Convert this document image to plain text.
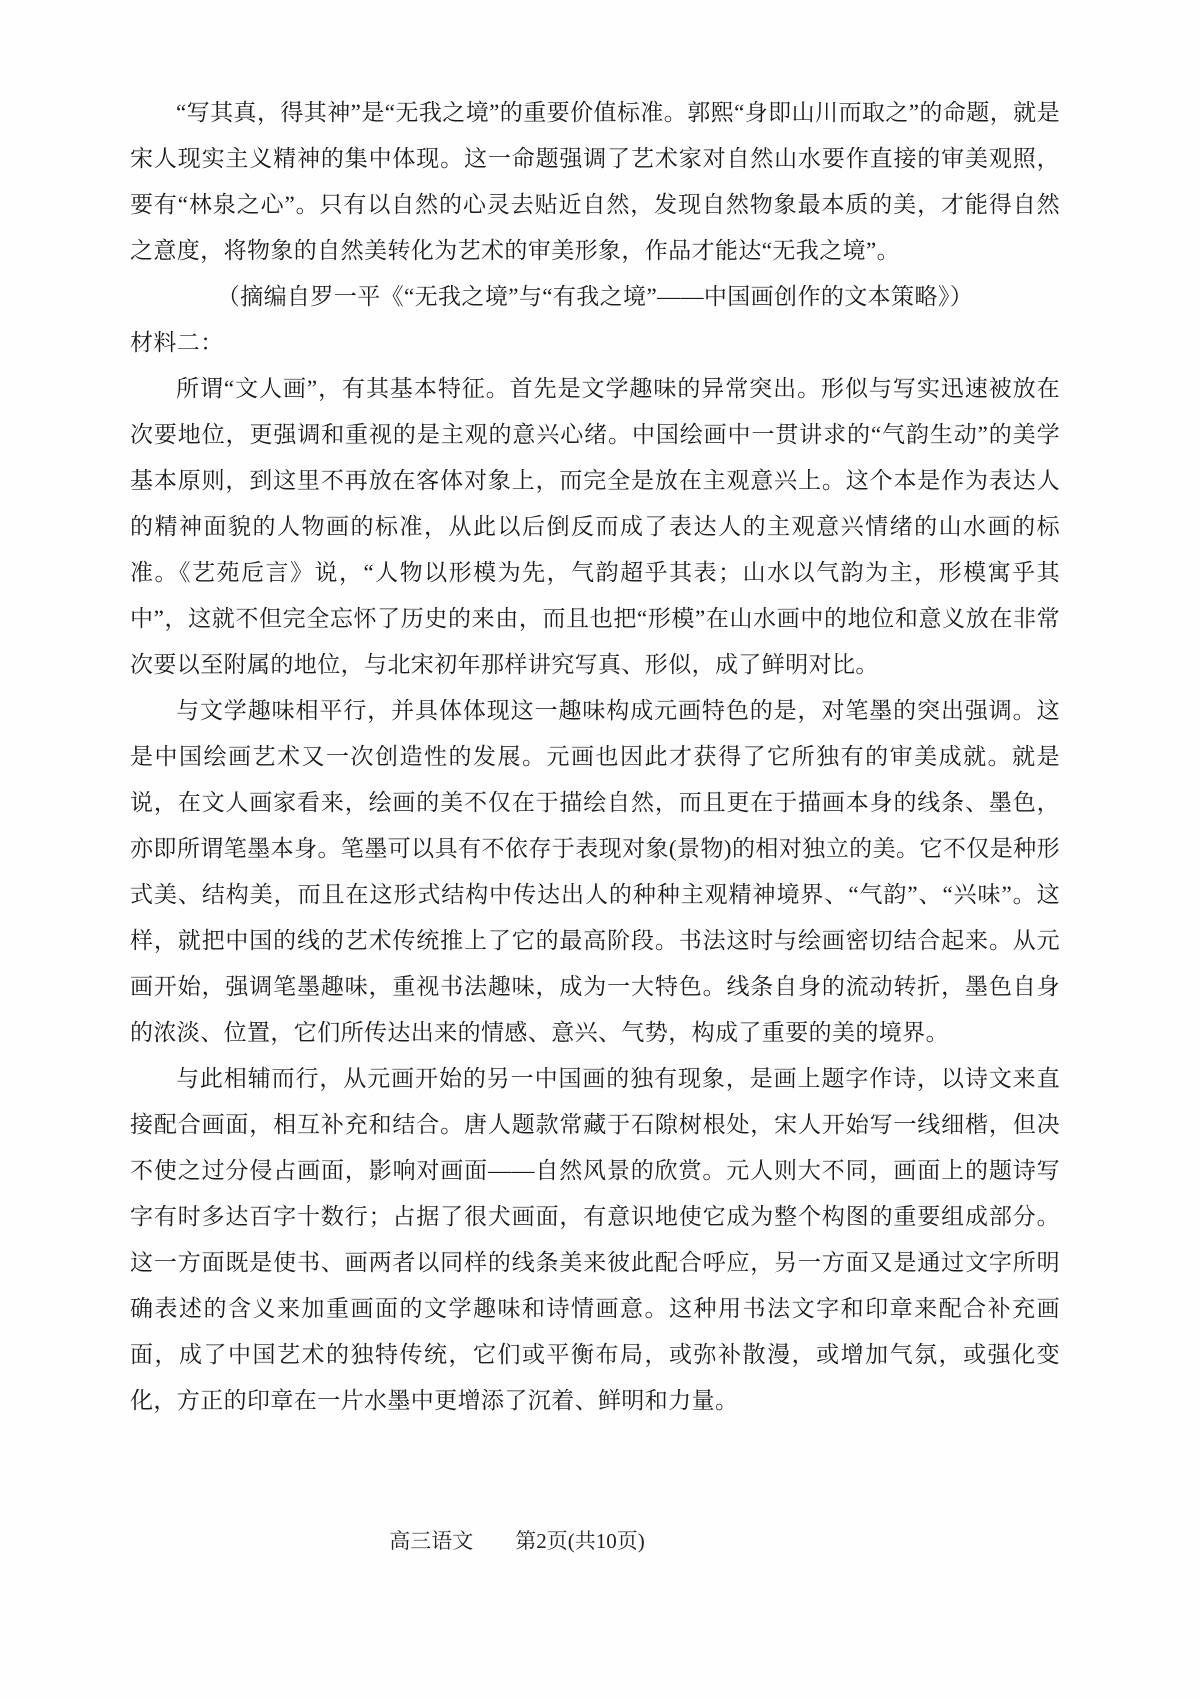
“写其真，得其神”是“无我之境”的重要价值标准。郭熙“身即山川而取之”的命题，就是宋人现实主义精神的集中体现。这一命题强调了艺术家对自然山水要作直接的审美观照，要有“林泉之心”。只有以自然的心灵去贴近自然，发现自然物象最本质的美，才能得自然之意度，将物象的自然美转化为艺术的审美形象，作品才能达“无我之境”。

（摘编自罗一平《“无我之境”与“有我之境”——中国画创作的文本策略》）

材料二：

所谓“文人画”，有其基本特征。首先是文学趣味的异常突出。形似与写实迅速被放在次要地位，更强调和重视的是主观的意兴心绪。中国绘画中一贯讲求的“气韵生动”的美学基本原则，到这里不再放在客体对象上，而完全是放在主观意兴上。这个本是作为表达人的精神面貌的人物画的标准，从此以后倒反而成了表达人的主观意兴情绪的山水画的标准。《艺苑卮言》说，“人物以形模为先，气韵超乎其表；山水以气韵为主，形模寓乎其中”，这就不但完全忘怀了历史的来由，而且也把“形模”在山水画中的地位和意义放在非常次要以至附属的地位，与北宋初年那样讲究写真、形似，成了鲜明对比。

与文学趣味相平行，并具体体现这一趣味构成元画特色的是，对笔墨的突出强调。这是中国绘画艺术又一次创造性的发展。元画也因此才获得了它所独有的审美成就。就是说，在文人画家看来，绘画的美不仅在于描绘自然，而且更在于描画本身的线条、墨色，亦即所谓笔墨本身。笔墨可以具有不依存于表现对象(景物)的相对独立的美。它不仅是种形式美、结构美，而且在这形式结构中传达出人的种种主观精神境界、“气韵”、“兴味”。这样，就把中国的线的艺术传统推上了它的最高阶段。书法这时与绘画密切结合起来。从元画开始，强调笔墨趣味，重视书法趣味，成为一大特色。线条自身的流动转折，墨色自身的浓淡、位置，它们所传达出来的情感、意兴、气势，构成了重要的美的境界。

与此相辅而行，从元画开始的另一中国画的独有现象，是画上题字作诗，以诗文来直接配合画面，相互补充和结合。唐人题款常藏于石隙树根处，宋人开始写一线细楷，但决不使之过分侵占画面，影响对画面——自然风景的欣赏。元人则大不同，画面上的题诗写字有时多达百字十数行；占据了很犬画面，有意识地使它成为整个构图的重要组成部分。这一方面既是使书、画两者以同样的线条美来彼此配合呼应，另一方面又是通过文字所明确表述的含义来加重画面的文学趣味和诗情画意。这种用书法文字和印章来配合补充画面，成了中国艺术的独特传统，它们或平衡布局，或弥补散漫，或增加气氛，或强化变化，方正的印章在一片水墨中更增添了沉着、鲜明和力量。

高三语文 第2页(共10页)
